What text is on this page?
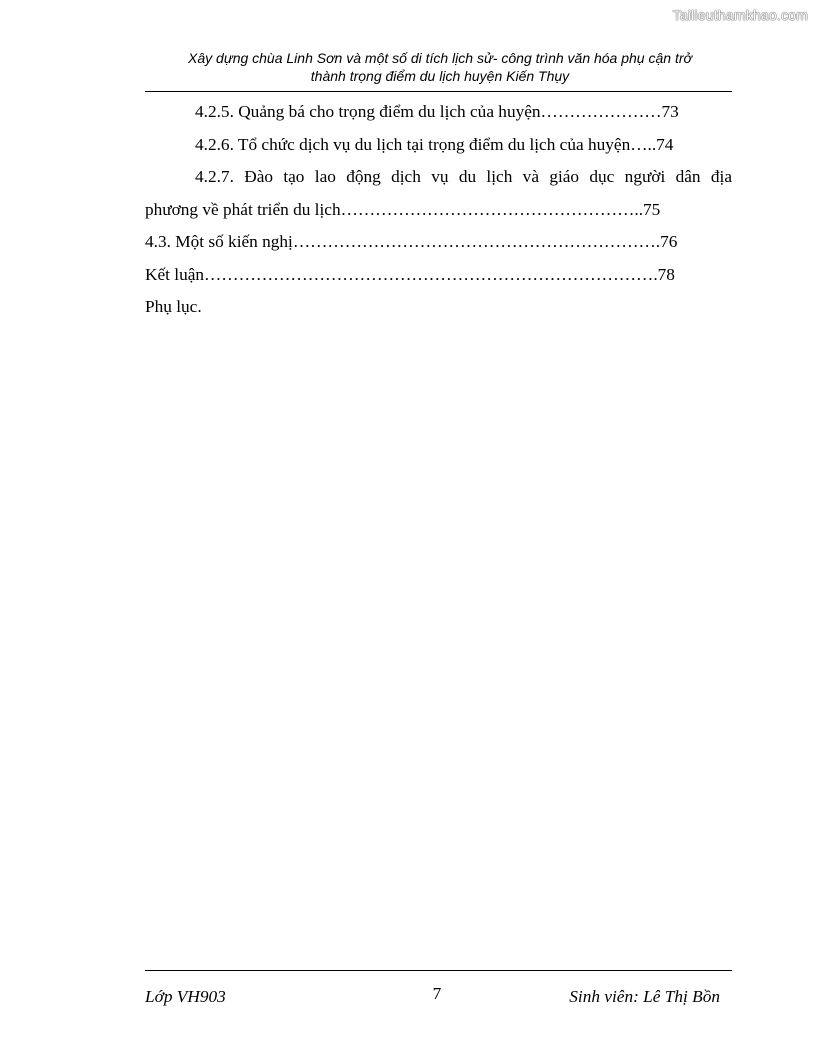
Tailieuthamkhao.com
Xây dựng chùa Linh Sơn và một số di tích lịch sử- công trình văn hóa phụ cận trở
thành trọng điểm du lịch huyện Kiến Thụy
4.2.5. Quảng bá cho trọng điểm du lịch của huyện…………………73
4.2.6. Tổ chức dịch vụ du lịch tại trọng điểm du lịch của huyện…..74
4.2.7. Đào tạo lao động dịch vụ du lịch và giáo dục người dân địa
phương về phát triển du lịch……………………………………………..75
4.3. Một số kiến nghị……………………………………………………….76
Kết luận…………………………………………………………………….78
Phụ lục.
Lớp VH903	7	Sinh viên: Lê Thị Bồn
